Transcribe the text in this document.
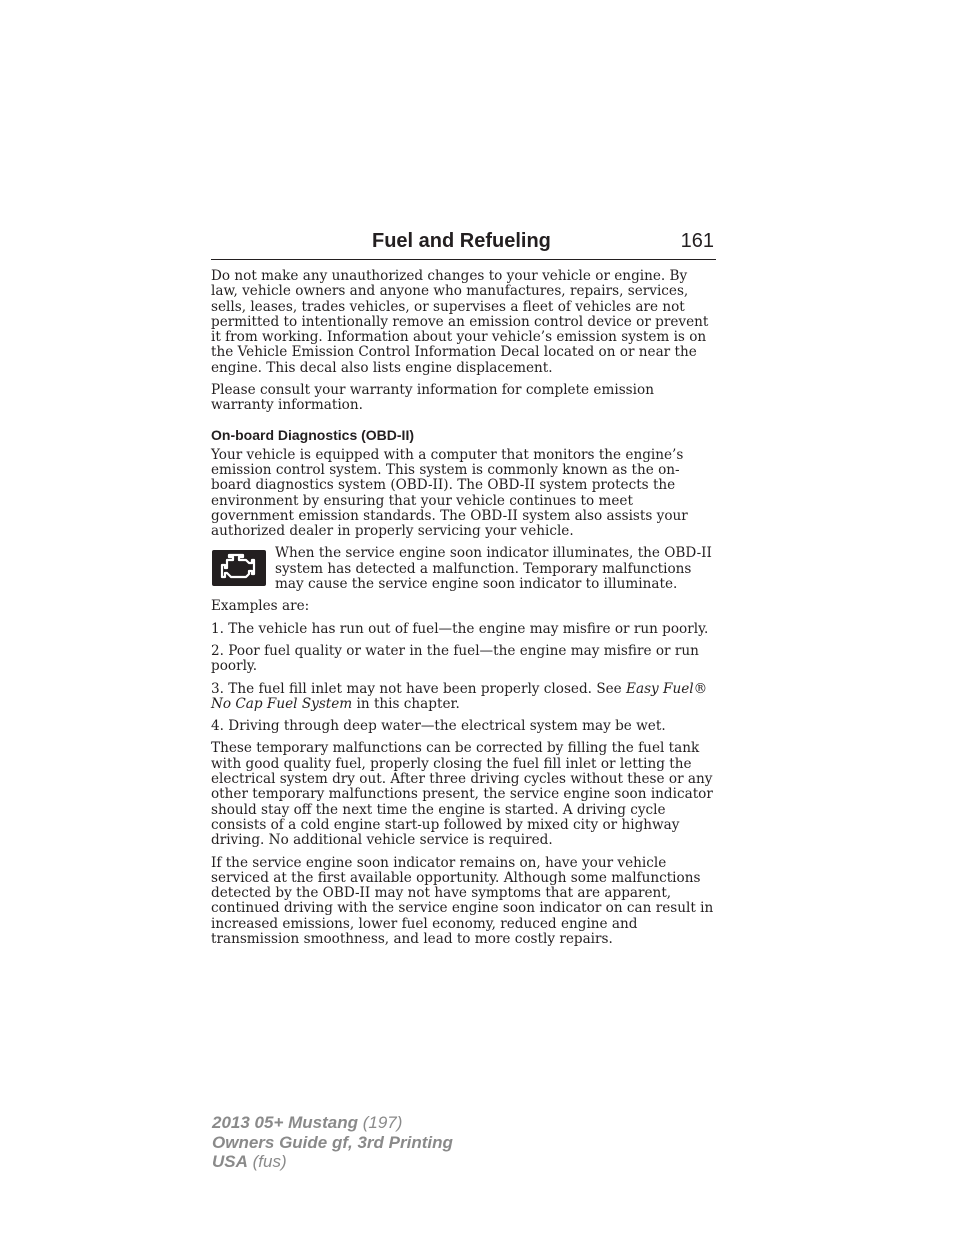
Fuel and Refueling	161

Do not make any unauthorized changes to your vehicle or engine. By law, vehicle owners and anyone who manufactures, repairs, services, sells, leases, trades vehicles, or supervises a fleet of vehicles are not permitted to intentionally remove an emission control device or prevent it from working. Information about your vehicle’s emission system is on the Vehicle Emission Control Information Decal located on or near the engine. This decal also lists engine displacement.

Please consult your warranty information for complete emission warranty information.

On-board Diagnostics (OBD-II)

Your vehicle is equipped with a computer that monitors the engine’s emission control system. This system is commonly known as the on-board diagnostics system (OBD-II). The OBD-II system protects the environment by ensuring that your vehicle continues to meet government emission standards. The OBD-II system also assists your authorized dealer in properly servicing your vehicle.

When the service engine soon indicator illuminates, the OBD-II system has detected a malfunction. Temporary malfunctions may cause the service engine soon indicator to illuminate.

Examples are:

1. The vehicle has run out of fuel—the engine may misfire or run poorly.

2. Poor fuel quality or water in the fuel—the engine may misfire or run poorly.

3. The fuel fill inlet may not have been properly closed. See Easy Fuel® No Cap Fuel System in this chapter.

4. Driving through deep water—the electrical system may be wet.

These temporary malfunctions can be corrected by filling the fuel tank with good quality fuel, properly closing the fuel fill inlet or letting the electrical system dry out. After three driving cycles without these or any other temporary malfunctions present, the service engine soon indicator should stay off the next time the engine is started. A driving cycle consists of a cold engine start-up followed by mixed city or highway driving. No additional vehicle service is required.

If the service engine soon indicator remains on, have your vehicle serviced at the first available opportunity. Although some malfunctions detected by the OBD-II may not have symptoms that are apparent, continued driving with the service engine soon indicator on can result in increased emissions, lower fuel economy, reduced engine and transmission smoothness, and lead to more costly repairs.

2013 05+ Mustang (197)
Owners Guide gf, 3rd Printing
USA (fus)
